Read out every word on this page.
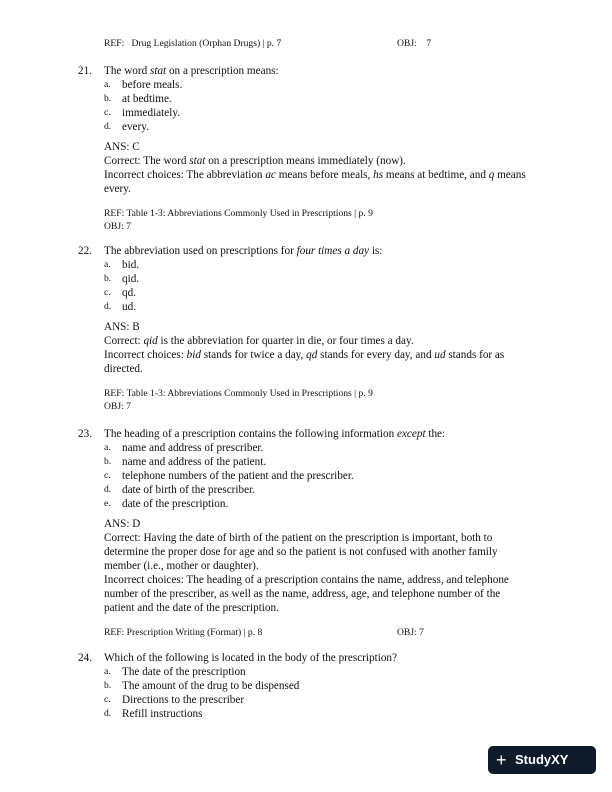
REF: Drug Legislation (Orphan Drugs) | p. 7	OBJ: 7
21. The word stat on a prescription means:
a. before meals.
b. at bedtime.
c. immediately.
d. every.
ANS: C
Correct: The word stat on a prescription means immediately (now).
Incorrect choices: The abbreviation ac means before meals, hs means at bedtime, and q means
every.
REF: Table 1-3: Abbreviations Commonly Used in Prescriptions | p. 9
OBJ: 7
22. The abbreviation used on prescriptions for four times a day is:
a. bid.
b. qid.
c. qd.
d. ud.
ANS: B
Correct: qid is the abbreviation for quarter in die, or four times a day.
Incorrect choices: bid stands for twice a day, qd stands for every day, and ud stands for as
directed.
REF: Table 1-3: Abbreviations Commonly Used in Prescriptions | p. 9
OBJ: 7
23. The heading of a prescription contains the following information except the:
a. name and address of prescriber.
b. name and address of the patient.
c. telephone numbers of the patient and the prescriber.
d. date of birth of the prescriber.
e. date of the prescription.
ANS: D
Correct: Having the date of birth of the patient on the prescription is important, both to
determine the proper dose for age and so the patient is not confused with another family
member (i.e., mother or daughter).
Incorrect choices: The heading of a prescription contains the name, address, and telephone
number of the prescriber, as well as the name, address, age, and telephone number of the
patient and the date of the prescription.
REF: Prescription Writing (Format) | p. 8	OBJ: 7
24. Which of the following is located in the body of the prescription?
a. The date of the prescription
b. The amount of the drug to be dispensed
c. Directions to the prescriber
d. Refill instructions
+ StudyXY
